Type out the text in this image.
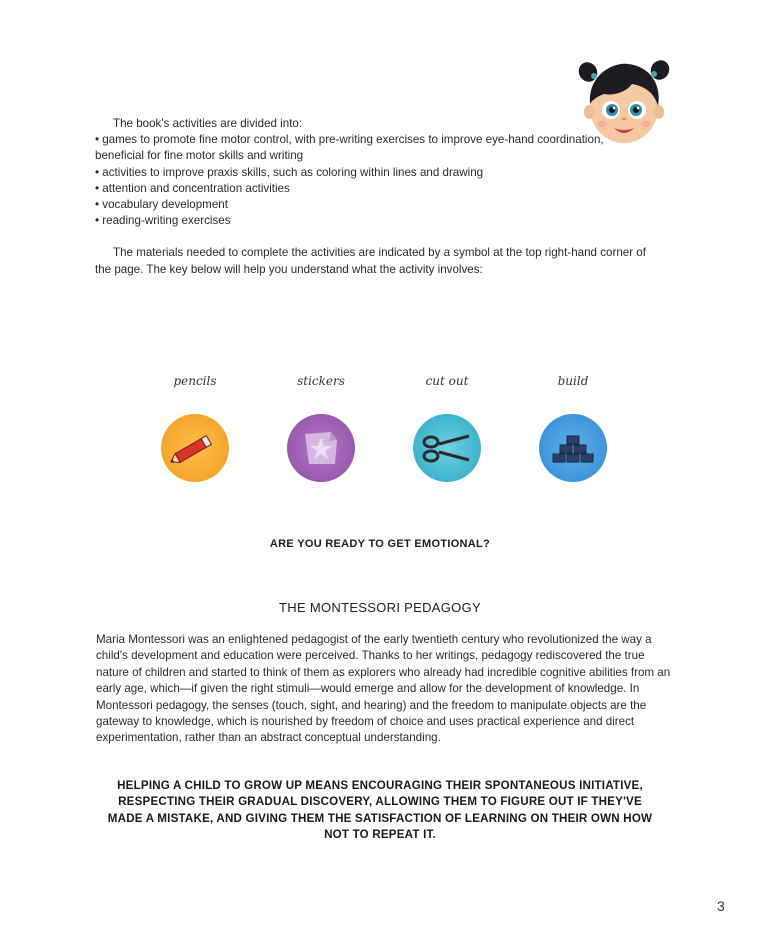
The book's activities are divided into:

• games to promote fine motor control, with pre-writing exercises to improve eye-hand coordination, beneficial for fine motor skills and writing
• activities to improve praxis skills, such as coloring within lines and drawing
• attention and concentration activities
• vocabulary development
• reading-writing exercises

The materials needed to complete the activities are indicated by a symbol at the top right-hand corner of the page. The key below will help you understand what the activity involves:

pencils	stickers	cut out	build
ARE YOU READY TO GET EMOTIONAL?
THE MONTESSORI PEDAGOGY

Maria Montessori was an enlightened pedagogist of the early twentieth century who revolutionized the way a child's development and education were perceived. Thanks to her writings, pedagogy rediscovered the true nature of children and started to think of them as explorers who already had incredible cognitive abilities from an early age, which—if given the right stimuli—would emerge and allow for the development of knowledge. In Montessori pedagogy, the senses (touch, sight, and hearing) and the freedom to manipulate objects are the gateway to knowledge, which is nourished by freedom of choice and uses practical experience and direct experimentation, rather than an abstract conceptual understanding.

HELPING A CHILD TO GROW UP MEANS ENCOURAGING THEIR SPONTANEOUS INITIATIVE, RESPECTING THEIR GRADUAL DISCOVERY, ALLOWING THEM TO FIGURE OUT IF THEY'VE MADE A MISTAKE, AND GIVING THEM THE SATISFACTION OF LEARNING ON THEIR OWN HOW NOT TO REPEAT IT.

3
